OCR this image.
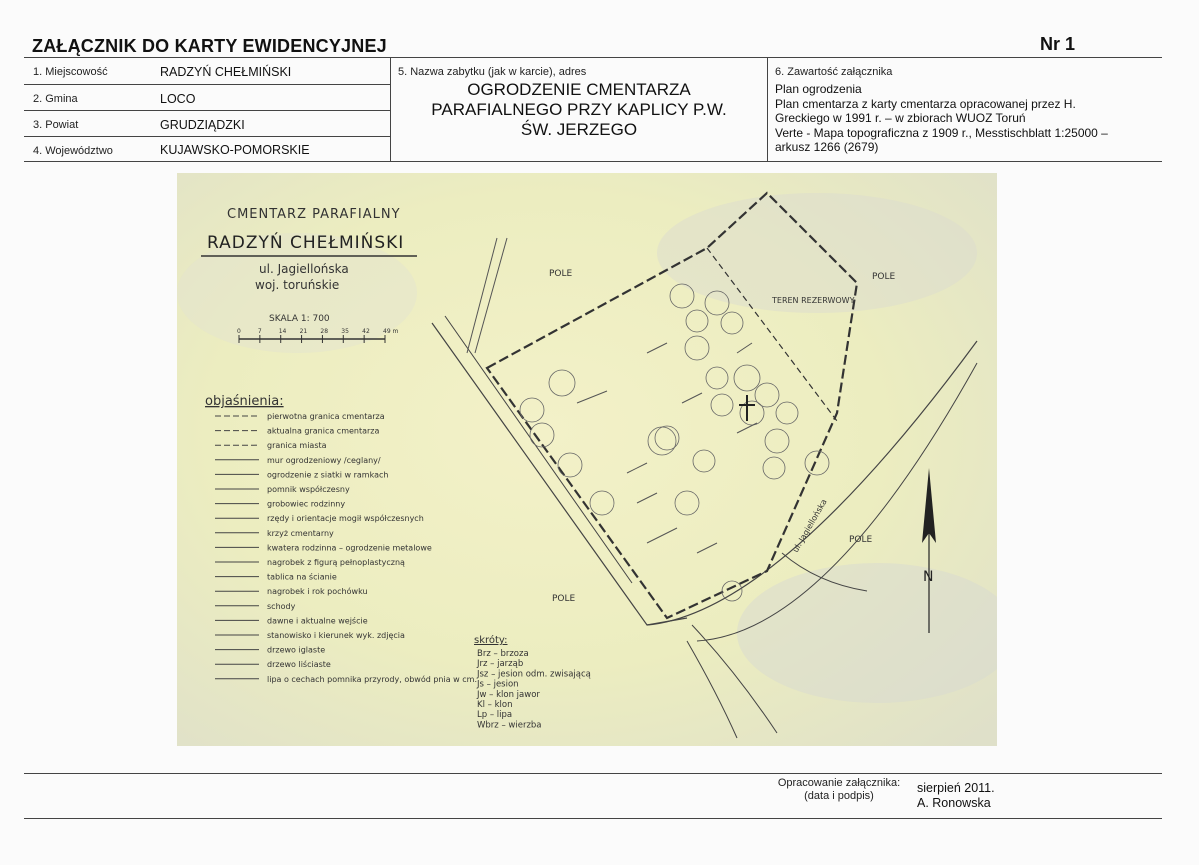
ZAŁĄCZNIK DO KARTY EWIDENCYJNEJ	Nr 1
1. Miejscowość	RADZYŃ CHEŁMIŃSKI
2. Gmina	LOCO
3. Powiat	GRUDZIĄDZKI
4. Województwo	KUJAWSKO-POMORSKIE
5. Nazwa zabytku (jak w karcie), adres
OGRODZENIE CMENTARZA
PARAFIALNEGO PRZY KAPLICY P.W.
ŚW. JERZEGO
6. Zawartość załącznika
Plan ogrodzenia
Plan cmentarza z karty cmentarza opracowanej przez H.
Greckiego w 1991 r. – w zbiorach WUOZ Toruń
Verte - Mapa topograficzna z 1909 r., Messtischblatt 1:25000 –
arkusz 1266 (2679)
CMENTARZ PARAFIALNY
RADZYŃ CHEŁMIŃSKI
ul. Jagiellońska
woj. toruńskie
SKALA 1: 700
0	7	14 21 28 35 42 49 m
objaśnienia:
pierwotna granica cmentarza
aktualna granica cmentarza
granica miasta
mur ogrodzeniowy /ceglany/
ogrodzenie z siatki w ramkach
pomnik współczesny
grobowiec rodzinny
rzędy i orientacje mogił współczesnych
krzyż cmentarny
kwatera rodzinna – ogrodzenie metalowe
nagrobek z figurą pełnoplastyczną
tablica na ścianie
nagrobek i rok pochówku
schody
dawne i aktualne wejście
stanowisko i kierunek wyk. zdjęcia
drzewo iglaste
drzewo liściaste
lipa o cechach pomnika przyrody, obwód pnia w cm.
POLE	POLE
POLE
POLE
TEREN REZERWOWY
ul. Jagiellońska
N
skróty:
Brz – brzoza
Jrz – jarząb
Jsz – jesion odm. zwisającą
Js – jesion
Jw – klon jawor
Kl – klon
Lp – lipa
Wbrz – wierzba
Opracowanie załącznika:
(data i podpis)
sierpień 2011.
A. Ronowska
